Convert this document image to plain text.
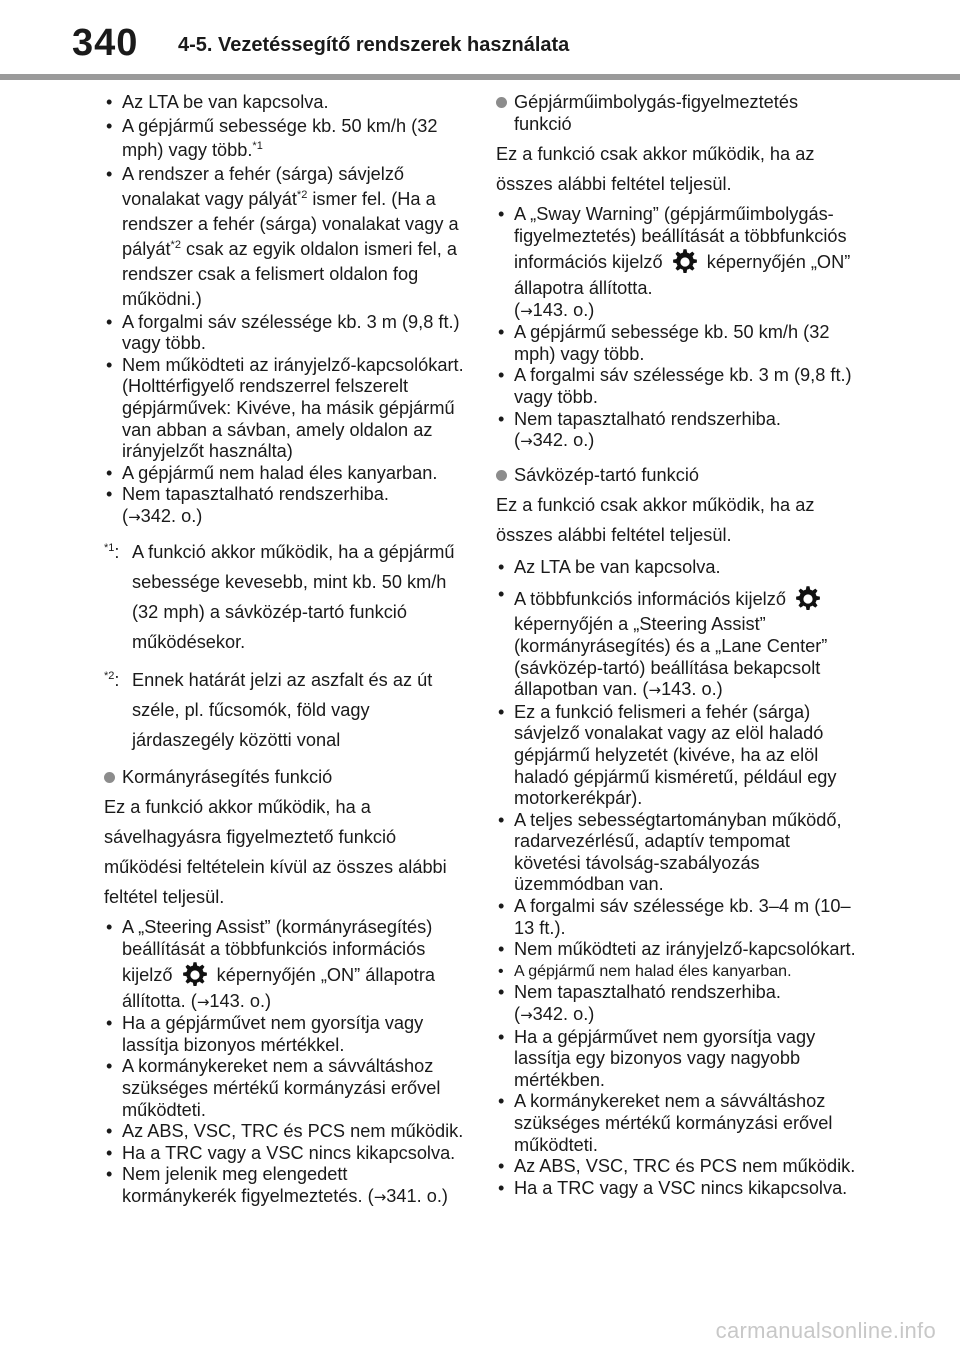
340 4-5. Vezetéssegítő rendszerek használata
• Az LTA be van kapcsolva.
• A gépjármű sebessége kb. 50 km/h (32 mph) vagy több.$^{*1}$
• A rendszer a fehér (sárga) sávjelző vonalakat vagy pályát$^{*2}$ ismer fel. (Ha a rendszer a fehér (sárga) vonalakat vagy a pályát$^{*2}$ csak az egyik oldalon ismeri fel, a rendszer csak a felismert oldalon fog működni.)
• A forgalmi sáv szélessége kb. 3 m (9,8 ft.) vagy több.
• Nem működteti az irányjelző-kapcsolókart. (Holttérfigyelő rendszerrel felszerelt gépjárművek: Kivéve, ha másik gépjármű van abban a sávban, amely oldalon az irányjelzőt használta)
• A gépjármű nem halad éles kanyarban.
• Nem tapasztalható rendszerhiba.
(→342. o.)
$^{*1}$: A funkció akkor működik, ha a gépjármű sebessége kevesebb, mint kb. 50 km/h (32 mph) a sávközép-tartó funkció működésekor.
$^{*2}$: Ennek határát jelzi az aszfalt és az út széle, pl. fűcsomók, föld vagy járdaszegély közötti vonal
Kormányrásegítés funkció
Ez a funkció akkor működik, ha a sávelhagyásra figyelmeztető funkció működési feltételein kívül az összes alábbi feltétel teljesül.
• A „Steering Assist” (kormányrásegítés) beállítását a többfunkciós információs kijelző képernyőjén „ON” állapotra állította. (→143. o.)
• Ha a gépjárművet nem gyorsítja vagy lassítja bizonyos mértékkel.
• A kormánykereket nem a sávváltáshoz szükséges mértékű kormányzási erővel működteti.
• Az ABS, VSC, TRC és PCS nem működik.
• Ha a TRC vagy a VSC nincs kikapcsolva.
• Nem jelenik meg elengedett kormánykerék figyelmeztetés. (→341. o.)
Gépjárműimbolygás-figyelmeztetés funkció
Ez a funkció csak akkor működik, ha az összes alábbi feltétel teljesül.
• A „Sway Warning” (gépjárműimbolygás-figyelmeztetés) beállítását a többfunkciós információs kijelző képernyőjén „ON” állapotra állította.
(→143. o.)
• A gépjármű sebessége kb. 50 km/h (32 mph) vagy több.
• A forgalmi sáv szélessége kb. 3 m (9,8 ft.) vagy több.
• Nem tapasztalható rendszerhiba.
(→342. o.)
Sávközép-tartó funkció
Ez a funkció csak akkor működik, ha az összes alábbi feltétel teljesül.
• Az LTA be van kapcsolva.
• A többfunkciós információs kijelző
képernyőjén a „Steering Assist” (kormányrásegítés) és a „Lane Center” (sávközép-tartó) beállítása bekapcsolt állapotban van. (→143. o.)
• Ez a funkció felismeri a fehér (sárga) sávjelző vonalakat vagy az elöl haladó gépjármű helyzetét (kivéve, ha az elöl haladó gépjármű kisméretű, például egy motorkerékpár).
• A teljes sebességtartományban működő, radarvezérlésű, adaptív tempomat követési távolság-szabályozás üzemmódban van.
• A forgalmi sáv szélessége kb. 3–4 m (10–13 ft.).
• Nem működteti az irányjelző-kapcsolókart.
• A gépjármű nem halad éles kanyarban.
• Nem tapasztalható rendszerhiba.
(→342. o.)
• Ha a gépjárművet nem gyorsítja vagy lassítja egy bizonyos vagy nagyobb mértékben.
• A kormánykereket nem a sávváltáshoz szükséges mértékű kormányzási erővel működteti.
• Az ABS, VSC, TRC és PCS nem működik.
• Ha a TRC vagy a VSC nincs kikapcsolva.
carmanualsonline.info
